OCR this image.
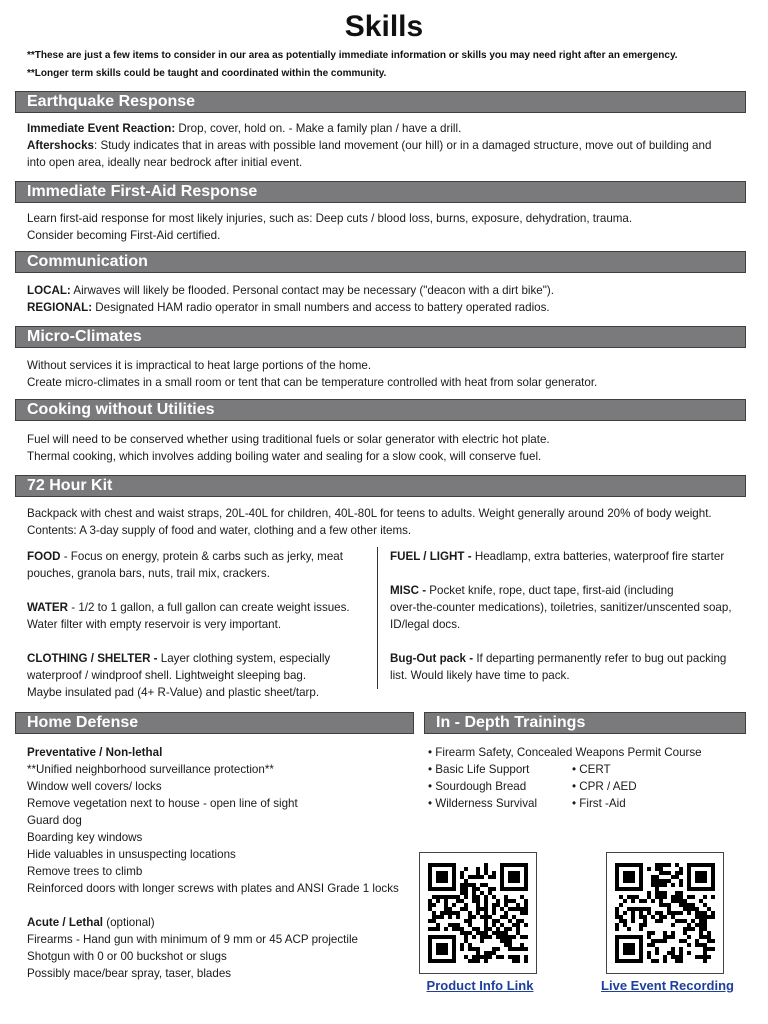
Skills
**These are just a few items to consider in our area as potentially immediate information or skills you may need right after an emergency.
**Longer term skills could be taught and coordinated within the community.
Earthquake Response

Immediate Event Reaction: Drop, cover, hold on. - Make a family plan / have a drill.

Aftershocks: Study indicates that in areas with possible land movement (our hill) or in a damaged structure, move out of building and

into open area, ideally near bedrock after initial event.

Immediate First-Aid Response

Learn first-aid response for most likely injuries, such as: Deep cuts / blood loss, burns, exposure, dehydration, trauma.

Consider becoming First-Aid certified.

Communication

LOCAL: Airwaves will likely be flooded. Personal contact may be necessary ("deacon with a dirt bike").

REGIONAL: Designated HAM radio operator in small numbers and access to battery operated radios.

Micro-Climates

Without services it is impractical to heat large portions of the home.

Create micro-climates in a small room or tent that can be temperature controlled with heat from solar generator.

Cooking without Utilities

Fuel will need to be conserved whether using traditional fuels or solar generator with electric hot plate.

Thermal cooking, which involves adding boiling water and sealing for a slow cook, will conserve fuel.

72 Hour Kit

Backpack with chest and waist straps, 20L-40L for children, 40L-80L for teens to adults. Weight generally around 20% of body weight.

Contents: A 3-day supply of food and water, clothing and a few other items.

FOOD - Focus on energy, protein & carbs such as jerky, meat

pouches, granola bars, nuts, trail mix, crackers.

WATER - 1/2 to 1 gallon, a full gallon can create weight issues.

Water filter with empty reservoir is very important.

CLOTHING / SHELTER - Layer clothing system, especially

waterproof / windproof shell. Lightweight sleeping bag.

Maybe insulated pad (4+ R-Value) and plastic sheet/tarp.

FUEL / LIGHT - Headlamp, extra batteries, waterproof fire starter

MISC - Pocket knife, rope, duct tape, first-aid (including

over-the-counter medications), toiletries, sanitizer/unscented soap,

ID/legal docs.

Bug-Out pack - If departing permanently refer to bug out packing

list. Would likely have time to pack.

Home Defense

Preventative / Non-lethal

**Unified neighborhood surveillance protection**

Window well covers/ locks

Remove vegetation next to house - open line of sight

Guard dog

Boarding key windows

Hide valuables in unsuspecting locations

Remove trees to climb

Reinforced doors with longer screws with plates and ANSI Grade 1 locks

Acute / Lethal (optional)

Firearms - Hand gun with minimum of 9 mm or 45 ACP projectile

Shotgun with 0 or 00 buckshot or slugs

Possibly mace/bear spray, taser, blades

In - Depth Trainings
• Firearm Safety, Concealed Weapons Permit Course

• Basic Life Support

• Sourdough Bread

• Wilderness Survival

• CERT

• CPR / AED

• First -Aid

Product Info Link	Live Event Recording
